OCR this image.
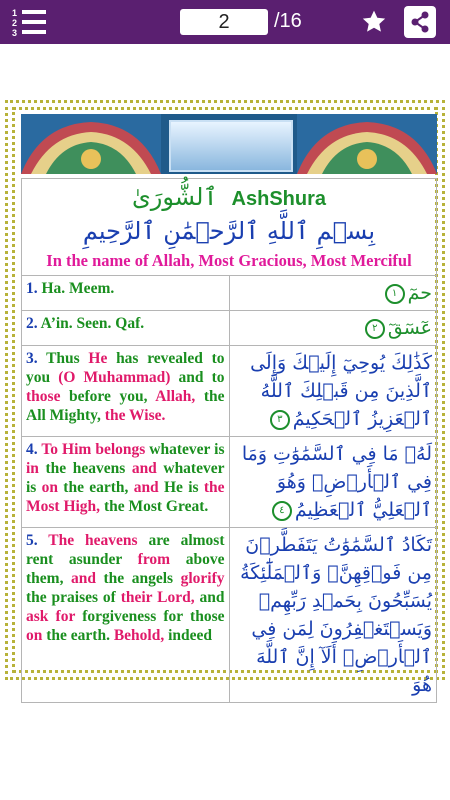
1
2
3
2
/16
ٱلشُّورَىٰ AshShura
بِسۡمِ ٱللَّهِ ٱلرَّحۡمَٰنِ ٱلرَّحِيمِ
In the name of Allah, Most Gracious, Most Merciful	

1. Ha. Meem.	حمٓ١
2. A’in. Seen. Qaf.	عٓسٓقٓ٢
3. Thus He has revealed to you (O Muhammad) and to those before you, Allah, the All Mighty, the Wise.	كَذَٰلِكَ يُوحِيٓ إِلَيۡكَ وَإِلَى ٱلَّذِينَ مِن قَبۡلِكَ ٱللَّهُ ٱلۡعَزِيزُ ٱلۡحَكِيمُ٣
4. To Him belongs whatever is in the heavens and whatever is on the earth, and He is the Most High, the Most Great.	لَهُۥ مَا فِي ٱلسَّمَٰوَٰتِ وَمَا فِي ٱلۡأَرۡضِۖ وَهُوَ ٱلۡعَلِيُّ ٱلۡعَظِيمُ٤
5. The heavens are almost rent asunder from above them, and the angels glorify the praises of their Lord, and ask for forgiveness for those on the earth. Behold, indeed	تَكَادُ ٱلسَّمَٰوَٰتُ يَتَفَطَّرۡنَ مِن فَوۡقِهِنَّۚ وَٱلۡمَلَٰٓئِكَةُ يُسَبِّحُونَ بِحَمۡدِ رَبِّهِمۡ وَيَسۡتَغۡفِرُونَ لِمَن فِي ٱلۡأَرۡضِۗ أَلَآ إِنَّ ٱللَّهَ هُوَ
